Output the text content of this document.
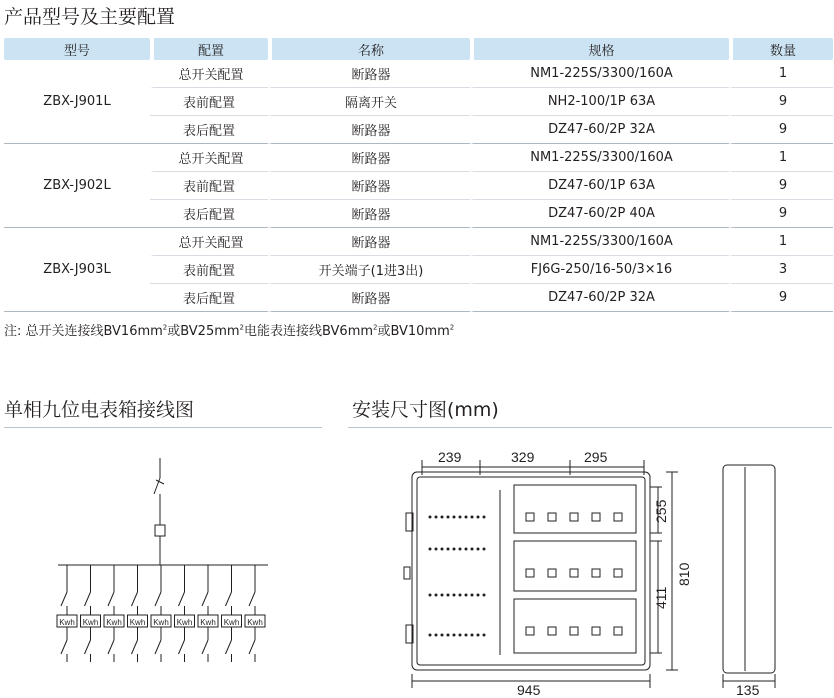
产品型号及主要配置
型号	配置	名称	规格	数量
ZBX-J901L	总开关配置	断路器	NM1-225S/3300/160A	1
	表前配置	隔离开关	NH2-100/1P 63A	9
	表后配置	断路器	DZ47-60/2P 32A	9
ZBX-J902L	总开关配置	断路器	NM1-225S/3300/160A	1
	表前配置	断路器	DZ47-60/1P 63A	9
	表后配置	断路器	DZ47-60/2P 40A	9
ZBX-J903L	总开关配置	断路器	NM1-225S/3300/160A	1
	表前配置	开关端子(1进3出)	FJ6G-250/16-50/3×16	3
	表后配置	断路器	DZ47-60/2P 32A	9
注: 总开关连接线$BV16mm^2$或$BV25mm^2$电能表连接线$BV6mm^2$或$BV10mm^2$
单相九位电表箱接线图
Kwh Kwh Kwh Kwh Kwh Kwh Kwh Kwh Kwh
安装尺寸图(mm)
239	329	295
255
411
810
945	135
